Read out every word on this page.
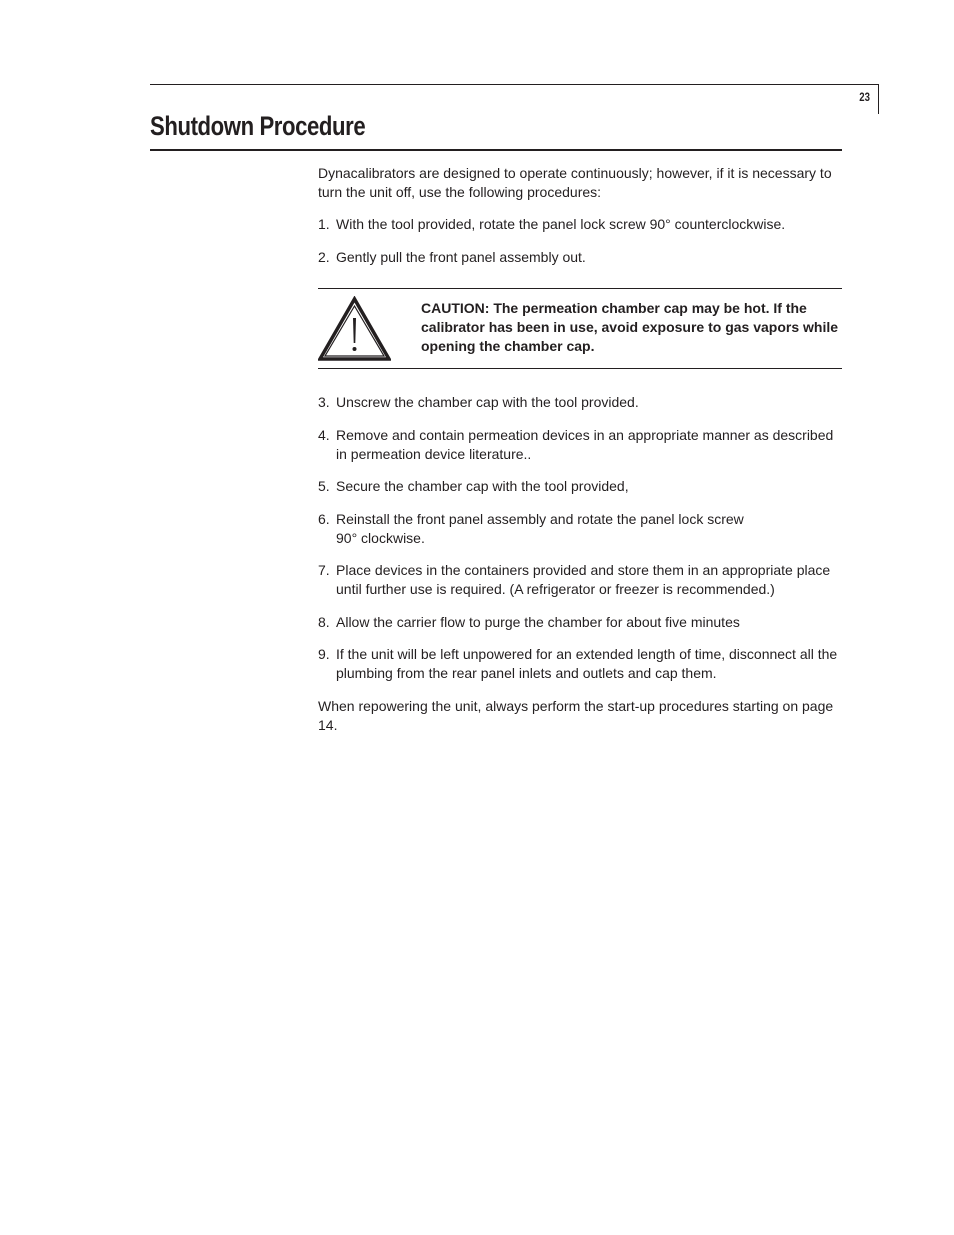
23
Shutdown Procedure

Dynacalibrators are designed to operate continuously; however, if it is necessary to turn the unit off, use the following procedures:

1. With the tool provided, rotate the panel lock screw 90° counterclockwise.
2. Gently pull the front panel assembly out.
CAUTION: The permeation chamber cap may be hot. If the calibrator has been in use, avoid exposure to gas vapors while opening the chamber cap.
3. Unscrew the chamber cap with the tool provided.
4. Remove and contain permeation devices in an appropriate manner as described in permeation device literature..
5. Secure the chamber cap with the tool provided,
6. Reinstall the front panel assembly and rotate the panel lock screw 90° clockwise.
7. Place devices in the containers provided and store them in an appropriate place until further use is required. (A refrigerator or freezer is recommended.)
8. Allow the carrier flow to purge the chamber for about five minutes
9. If the unit will be left unpowered for an extended length of time, disconnect all the plumbing from the rear panel inlets and outlets and cap them.

When repowering the unit, always perform the start-up procedures starting on page 14.
